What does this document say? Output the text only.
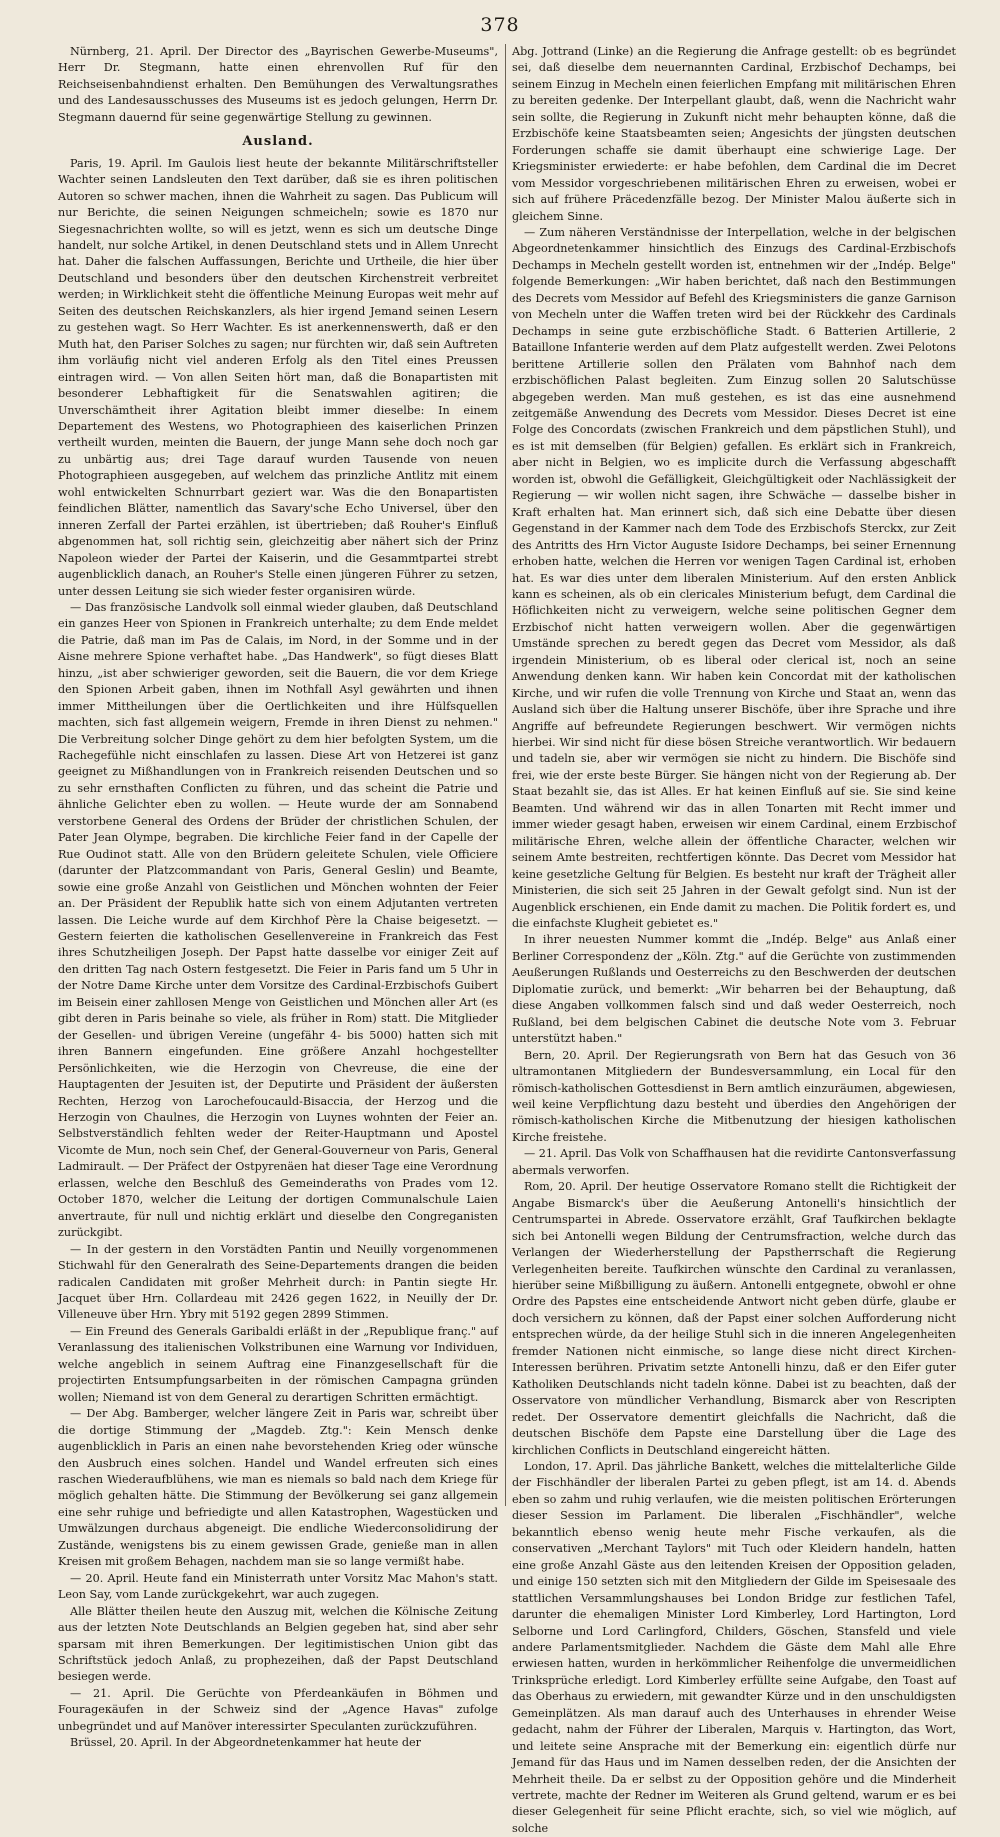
378

Nürnberg, 21. April. Der Director des „Bayrischen Gewerbe-Museums", Herr Dr. Stegmann, hatte einen ehrenvollen Ruf für den Reichseisenbahndienst erhalten. Den Bemühungen des Verwaltungsrathes und des Landesausschusses des Museums ist es jedoch gelungen, Herrn Dr. Stegmann dauernd für seine gegenwärtige Stellung zu gewinnen.

Ausland.

Paris, 19. April. Im Gaulois liest heute der bekannte Militärschriftsteller Wachter seinen Landsleuten den Text darüber, daß sie es ihren politischen Autoren so schwer machen, ihnen die Wahrheit zu sagen. Das Publicum will nur Berichte, die seinen Neigungen schmeicheln; sowie es 1870 nur Siegesnachrichten wollte, so will es jetzt, wenn es sich um deutsche Dinge handelt, nur solche Artikel, in denen Deutschland stets und in Allem Unrecht hat. Daher die falschen Auffassungen, Berichte und Urtheile, die hier über Deutschland und besonders über den deutschen Kirchenstreit verbreitet werden; in Wirklichkeit steht die öffentliche Meinung Europas weit mehr auf Seiten des deutschen Reichskanzlers, als hier irgend Jemand seinen Lesern zu gestehen wagt. So Herr Wachter. Es ist anerkennenswerth, daß er den Muth hat, den Pariser Solches zu sagen; nur fürchten wir, daß sein Auftreten ihm vorläufig nicht viel anderen Erfolg als den Titel eines Preussen eintragen wird. — Von allen Seiten hört man, daß die Bonapartisten mit besonderer Lebhaftigkeit für die Senatswahlen agitiren; die Unverschämtheit ihrer Agitation bleibt immer dieselbe: In einem Departement des Westens, wo Photographieen des kaiserlichen Prinzen vertheilt wurden, meinten die Bauern, der junge Mann sehe doch noch gar zu unbärtig aus; drei Tage darauf wurden Tausende von neuen Photographieen ausgegeben, auf welchem das prinzliche Antlitz mit einem wohl entwickelten Schnurrbart geziert war. Was die den Bonapartisten feindlichen Blätter, namentlich das Savary'sche Echo Universel, über den inneren Zerfall der Partei erzählen, ist übertrieben; daß Rouher's Einfluß abgenommen hat, soll richtig sein, gleichzeitig aber nähert sich der Prinz Napoleon wieder der Partei der Kaiserin, und die Gesammtpartei strebt augenblicklich danach, an Rouher's Stelle einen jüngeren Führer zu setzen, unter dessen Leitung sie sich wieder fester organisiren würde.

— Das französische Landvolk soll einmal wieder glauben, daß Deutschland ein ganzes Heer von Spionen in Frankreich unterhalte; zu dem Ende meldet die Patrie, daß man im Pas de Calais, im Nord, in der Somme und in der Aisne mehrere Spione verhaftet habe. „Das Handwerk", so fügt dieses Blatt hinzu, „ist aber schwieriger geworden, seit die Bauern, die vor dem Kriege den Spionen Arbeit gaben, ihnen im Nothfall Asyl gewährten und ihnen immer Mittheilungen über die Oertlichkeiten und ihre Hülfsquellen machten, sich fast allgemein weigern, Fremde in ihren Dienst zu nehmen." Die Verbreitung solcher Dinge gehört zu dem hier befolgten System, um die Rachegefühle nicht einschlafen zu lassen. Diese Art von Hetzerei ist ganz geeignet zu Mißhandlungen von in Frankreich reisenden Deutschen und so zu sehr ernsthaften Conflicten zu führen, und das scheint die Patrie und ähnliche Gelichter eben zu wollen. — Heute wurde der am Sonnabend verstorbene General des Ordens der Brüder der christlichen Schulen, der Pater Jean Olympe, begraben. Die kirchliche Feier fand in der Capelle der Rue Oudinot statt. Alle von den Brüdern geleitete Schulen, viele Officiere (darunter der Platzcommandant von Paris, General Geslin) und Beamte, sowie eine große Anzahl von Geistlichen und Mönchen wohnten der Feier an. Der Präsident der Republik hatte sich von einem Adjutanten vertreten lassen. Die Leiche wurde auf dem Kirchhof Père la Chaise beigesetzt. — Gestern feierten die katholischen Gesellenvereine in Frankreich das Fest ihres Schutzheiligen Joseph. Der Papst hatte dasselbe vor einiger Zeit auf den dritten Tag nach Ostern festgesetzt. Die Feier in Paris fand um 5 Uhr in der Notre Dame Kirche unter dem Vorsitze des Cardinal-Erzbischofs Guibert im Beisein einer zahllosen Menge von Geistlichen und Mönchen aller Art (es gibt deren in Paris beinahe so viele, als früher in Rom) statt. Die Mitglieder der Gesellen- und übrigen Vereine (ungefähr 4- bis 5000) hatten sich mit ihren Bannern eingefunden. Eine größere Anzahl hochgestellter Persönlichkeiten, wie die Herzogin von Chevreuse, die eine der Hauptagenten der Jesuiten ist, der Deputirte und Präsident der äußersten Rechten, Herzog von Larochefoucauld-Bisaccia, der Herzog und die Herzogin von Chaulnes, die Herzogin von Luynes wohnten der Feier an. Selbstverständlich fehlten weder der Reiter-Hauptmann und Apostel Vicomte de Mun, noch sein Chef, der General-Gouverneur von Paris, General Ladmirault. — Der Präfect der Ostpyrenäen hat dieser Tage eine Verordnung erlassen, welche den Beschluß des Gemeinderaths von Prades vom 12. October 1870, welcher die Leitung der dortigen Communalschule Laien anvertraute, für null und nichtig erklärt und dieselbe den Congreganisten zurückgibt.

— In der gestern in den Vorstädten Pantin und Neuilly vorgenommenen Stichwahl für den Generalrath des Seine-Departements drangen die beiden radicalen Candidaten mit großer Mehrheit durch: in Pantin siegte Hr. Jacquet über Hrn. Collardeau mit 2426 gegen 1622, in Neuilly der Dr. Villeneuve über Hrn. Ybry mit 5192 gegen 2899 Stimmen.

— Ein Freund des Generals Garibaldi erläßt in der „Republique franç." auf Veranlassung des italienischen Volkstribunen eine Warnung vor Individuen, welche angeblich in seinem Auftrag eine Finanzgesellschaft für die projectirten Entsumpfungsarbeiten in der römischen Campagna gründen wollen; Niemand ist von dem General zu derartigen Schritten ermächtigt.

— Der Abg. Bamberger, welcher längere Zeit in Paris war, schreibt über die dortige Stimmung der „Magdeb. Ztg.": Kein Mensch denke augenblicklich in Paris an einen nahe bevorstehenden Krieg oder wünsche den Ausbruch eines solchen. Handel und Wandel erfreuten sich eines raschen Wiederaufblühens, wie man es niemals so bald nach dem Kriege für möglich gehalten hätte. Die Stimmung der Bevölkerung sei ganz allgemein eine sehr ruhige und befriedigte und allen Katastrophen, Wagestücken und Umwälzungen durchaus abgeneigt. Die endliche Wiederconsolidirung der Zustände, wenigstens bis zu einem gewissen Grade, genieße man in allen Kreisen mit großem Behagen, nachdem man sie so lange vermißt habe.

— 20. April. Heute fand ein Ministerrath unter Vorsitz Mac Mahon's statt. Leon Say, vom Lande zurückgekehrt, war auch zugegen.

Alle Blätter theilen heute den Auszug mit, welchen die Kölnische Zeitung aus der letzten Note Deutschlands an Belgien gegeben hat, sind aber sehr sparsam mit ihren Bemerkungen. Der legitimistischen Union gibt das Schriftstück jedoch Anlaß, zu prophezeihen, daß der Papst Deutschland besiegen werde.

— 21. April. Die Gerüchte von Pferdeankäufen in Böhmen und Fourageкäufen in der Schweiz sind der „Agence Havas" zufolge unbegründet und auf Manöver interessirter Speculanten zurückzuführen.

Brüssel, 20. April. In der Abgeordnetenkammer hat heute der

Abg. Jottrand (Linke) an die Regierung die Anfrage gestellt: ob es begründet sei, daß dieselbe dem neuernannten Cardinal, Erzbischof Dechamps, bei seinem Einzug in Mecheln einen feierlichen Empfang mit militärischen Ehren zu bereiten gedenke. Der Interpellant glaubt, daß, wenn die Nachricht wahr sein sollte, die Regierung in Zukunft nicht mehr behaupten könne, daß die Erzbischöfe keine Staatsbeamten seien; Angesichts der jüngsten deutschen Forderungen schaffe sie damit überhaupt eine schwierige Lage. Der Kriegsminister erwiederte: er habe befohlen, dem Cardinal die im Decret vom Messidor vorgeschriebenen militärischen Ehren zu erweisen, wobei er sich auf frühere Präcedenzfälle bezog. Der Minister Malou äußerte sich in gleichem Sinne.

— Zum näheren Verständnisse der Interpellation, welche in der belgischen Abgeordnetenkammer hinsichtlich des Einzugs des Cardinal-Erzbischofs Dechamps in Mecheln gestellt worden ist, entnehmen wir der „Indép. Belge" folgende Bemerkungen: „Wir haben berichtet, daß nach den Bestimmungen des Decrets vom Messidor auf Befehl des Kriegsministers die ganze Garnison von Mecheln unter die Waffen treten wird bei der Rückkehr des Cardinals Dechamps in seine gute erzbischöfliche Stadt. 6 Batterien Artillerie, 2 Bataillone Infanterie werden auf dem Platz aufgestellt werden. Zwei Pelotons berittene Artillerie sollen den Prälaten vom Bahnhof nach dem erzbischöflichen Palast begleiten. Zum Einzug sollen 20 Salutschüsse abgegeben werden. Man muß gestehen, es ist das eine ausnehmend zeitgemäße Anwendung des Decrets vom Messidor. Dieses Decret ist eine Folge des Concordats (zwischen Frankreich und dem päpstlichen Stuhl), und es ist mit demselben (für Belgien) gefallen. Es erklärt sich in Frankreich, aber nicht in Belgien, wo es implicite durch die Verfassung abgeschafft worden ist, obwohl die Gefälligkeit, Gleichgültigkeit oder Nachlässigkeit der Regierung — wir wollen nicht sagen, ihre Schwäche — dasselbe bisher in Kraft erhalten hat. Man erinnert sich, daß sich eine Debatte über diesen Gegenstand in der Kammer nach dem Tode des Erzbischofs Sterckx, zur Zeit des Antritts des Hrn Victor Auguste Isidore Dechamps, bei seiner Ernennung erhoben hatte, welchen die Herren vor wenigen Tagen Cardinal ist, erhoben hat. Es war dies unter dem liberalen Ministerium. Auf den ersten Anblick kann es scheinen, als ob ein clericales Ministerium befugt, dem Cardinal die Höflichkeiten nicht zu verweigern, welche seine politischen Gegner dem Erzbischof nicht hatten verweigern wollen. Aber die gegenwärtigen Umstände sprechen zu beredt gegen das Decret vom Messidor, als daß irgendein Ministerium, ob es liberal oder clerical ist, noch an seine Anwendung denken kann. Wir haben kein Concordat mit der katholischen Kirche, und wir rufen die volle Trennung von Kirche und Staat an, wenn das Ausland sich über die Haltung unserer Bischöfe, über ihre Sprache und ihre Angriffe auf befreundete Regierungen beschwert. Wir vermögen nichts hierbei. Wir sind nicht für diese bösen Streiche verantwortlich. Wir bedauern und tadeln sie, aber wir vermögen sie nicht zu hindern. Die Bischöfe sind frei, wie der erste beste Bürger. Sie hängen nicht von der Regierung ab. Der Staat bezahlt sie, das ist Alles. Er hat keinen Einfluß auf sie. Sie sind keine Beamten. Und während wir das in allen Tonarten mit Recht immer und immer wieder gesagt haben, erweisen wir einem Cardinal, einem Erzbischof militärische Ehren, welche allein der öffentliche Character, welchen wir seinem Amte bestreiten, rechtfertigen könnte. Das Decret vom Messidor hat keine gesetzliche Geltung für Belgien. Es besteht nur kraft der Trägheit aller Ministerien, die sich seit 25 Jahren in der Gewalt gefolgt sind. Nun ist der Augenblick erschienen, ein Ende damit zu machen. Die Politik fordert es, und die einfachste Klugheit gebietet es."

In ihrer neuesten Nummer kommt die „Indép. Belge" aus Anlaß einer Berliner Correspondenz der „Köln. Ztg." auf die Gerüchte von zustimmenden Aeußerungen Rußlands und Oesterreichs zu den Beschwerden der deutschen Diplomatie zurück, und bemerkt: „Wir beharren bei der Behauptung, daß diese Angaben vollkommen falsch sind und daß weder Oesterreich, noch Rußland, bei dem belgischen Cabinet die deutsche Note vom 3. Februar unterstützt haben."

Bern, 20. April. Der Regierungsrath von Bern hat das Gesuch von 36 ultramontanen Mitgliedern der Bundesversammlung, ein Local für den römisch-katholischen Gottesdienst in Bern amtlich einzuräumen, abgewiesen, weil keine Verpflichtung dazu besteht und überdies den Angehörigen der römisch-katholischen Kirche die Mitbenutzung der hiesigen katholischen Kirche freistehe.

— 21. April. Das Volk von Schaffhausen hat die revidirte Cantonsverfassung abermals verworfen.

Rom, 20. April. Der heutige Osservatore Romano stellt die Richtigkeit der Angabe Bismarck's über die Aeußerung Antonelli's hinsichtlich der Centrumspartei in Abrede. Osservatore erzählt, Graf Taufkirchen beklagte sich bei Antonelli wegen Bildung der Centrumsfraction, welche durch das Verlangen der Wiederherstellung der Papstherrschaft die Regierung Verlegenheiten bereite. Taufkirchen wünschte den Cardinal zu veranlassen, hierüber seine Mißbilligung zu äußern. Antonelli entgegnete, obwohl er ohne Ordre des Papstes eine entscheidende Antwort nicht geben dürfe, glaube er doch versichern zu können, daß der Papst einer solchen Aufforderung nicht entsprechen würde, da der heilige Stuhl sich in die inneren Angelegenheiten fremder Nationen nicht einmische, so lange diese nicht direct Kirchen-Interessen berühren. Privatim setzte Antonelli hinzu, daß er den Eifer guter Katholiken Deutschlands nicht tadeln könne. Dabei ist zu beachten, daß der Osservatore von mündlicher Verhandlung, Bismarck aber von Rescripten redet. Der Osservatore dementirt gleichfalls die Nachricht, daß die deutschen Bischöfe dem Papste eine Darstellung über die Lage des kirchlichen Conflicts in Deutschland eingereicht hätten.

London, 17. April. Das jährliche Bankett, welches die mittelalterliche Gilde der Fischhändler der liberalen Partei zu geben pflegt, ist am 14. d. Abends eben so zahm und ruhig verlaufen, wie die meisten politischen Erörterungen dieser Session im Parlament. Die liberalen „Fischhändler", welche bekanntlich ebenso wenig heute mehr Fische verkaufen, als die conservativen „Merchant Taylors" mit Tuch oder Kleidern handeln, hatten eine große Anzahl Gäste aus den leitenden Kreisen der Opposition geladen, und einige 150 setzten sich mit den Mitgliedern der Gilde im Speisesaale des stattlichen Versammlungshauses bei London Bridge zur festlichen Tafel, darunter die ehemaligen Minister Lord Kimberley, Lord Hartington, Lord Selborne und Lord Carlingford, Childers, Göschen, Stansfeld und viele andere Parlamentsmitglieder. Nachdem die Gäste dem Mahl alle Ehre erwiesen hatten, wurden in herkömmlicher Reihenfolge die unvermeidlichen Trinksprüche erledigt. Lord Kimberley erfüllte seine Aufgabe, den Toast auf das Oberhaus zu erwiedern, mit gewandter Kürze und in den unschuldigsten Gemeinplätzen. Als man darauf auch des Unterhauses in ehrender Weise gedacht, nahm der Führer der Liberalen, Marquis v. Hartington, das Wort, und leitete seine Ansprache mit der Bemerkung ein: eigentlich dürfe nur Jemand für das Haus und im Namen desselben reden, der die Ansichten der Mehrheit theile. Da er selbst zu der Opposition gehöre und die Minderheit vertrete, machte der Redner im Weiteren als Grund geltend, warum er es bei dieser Gelegenheit für seine Pflicht erachte, sich, so viel wie möglich, auf solche
